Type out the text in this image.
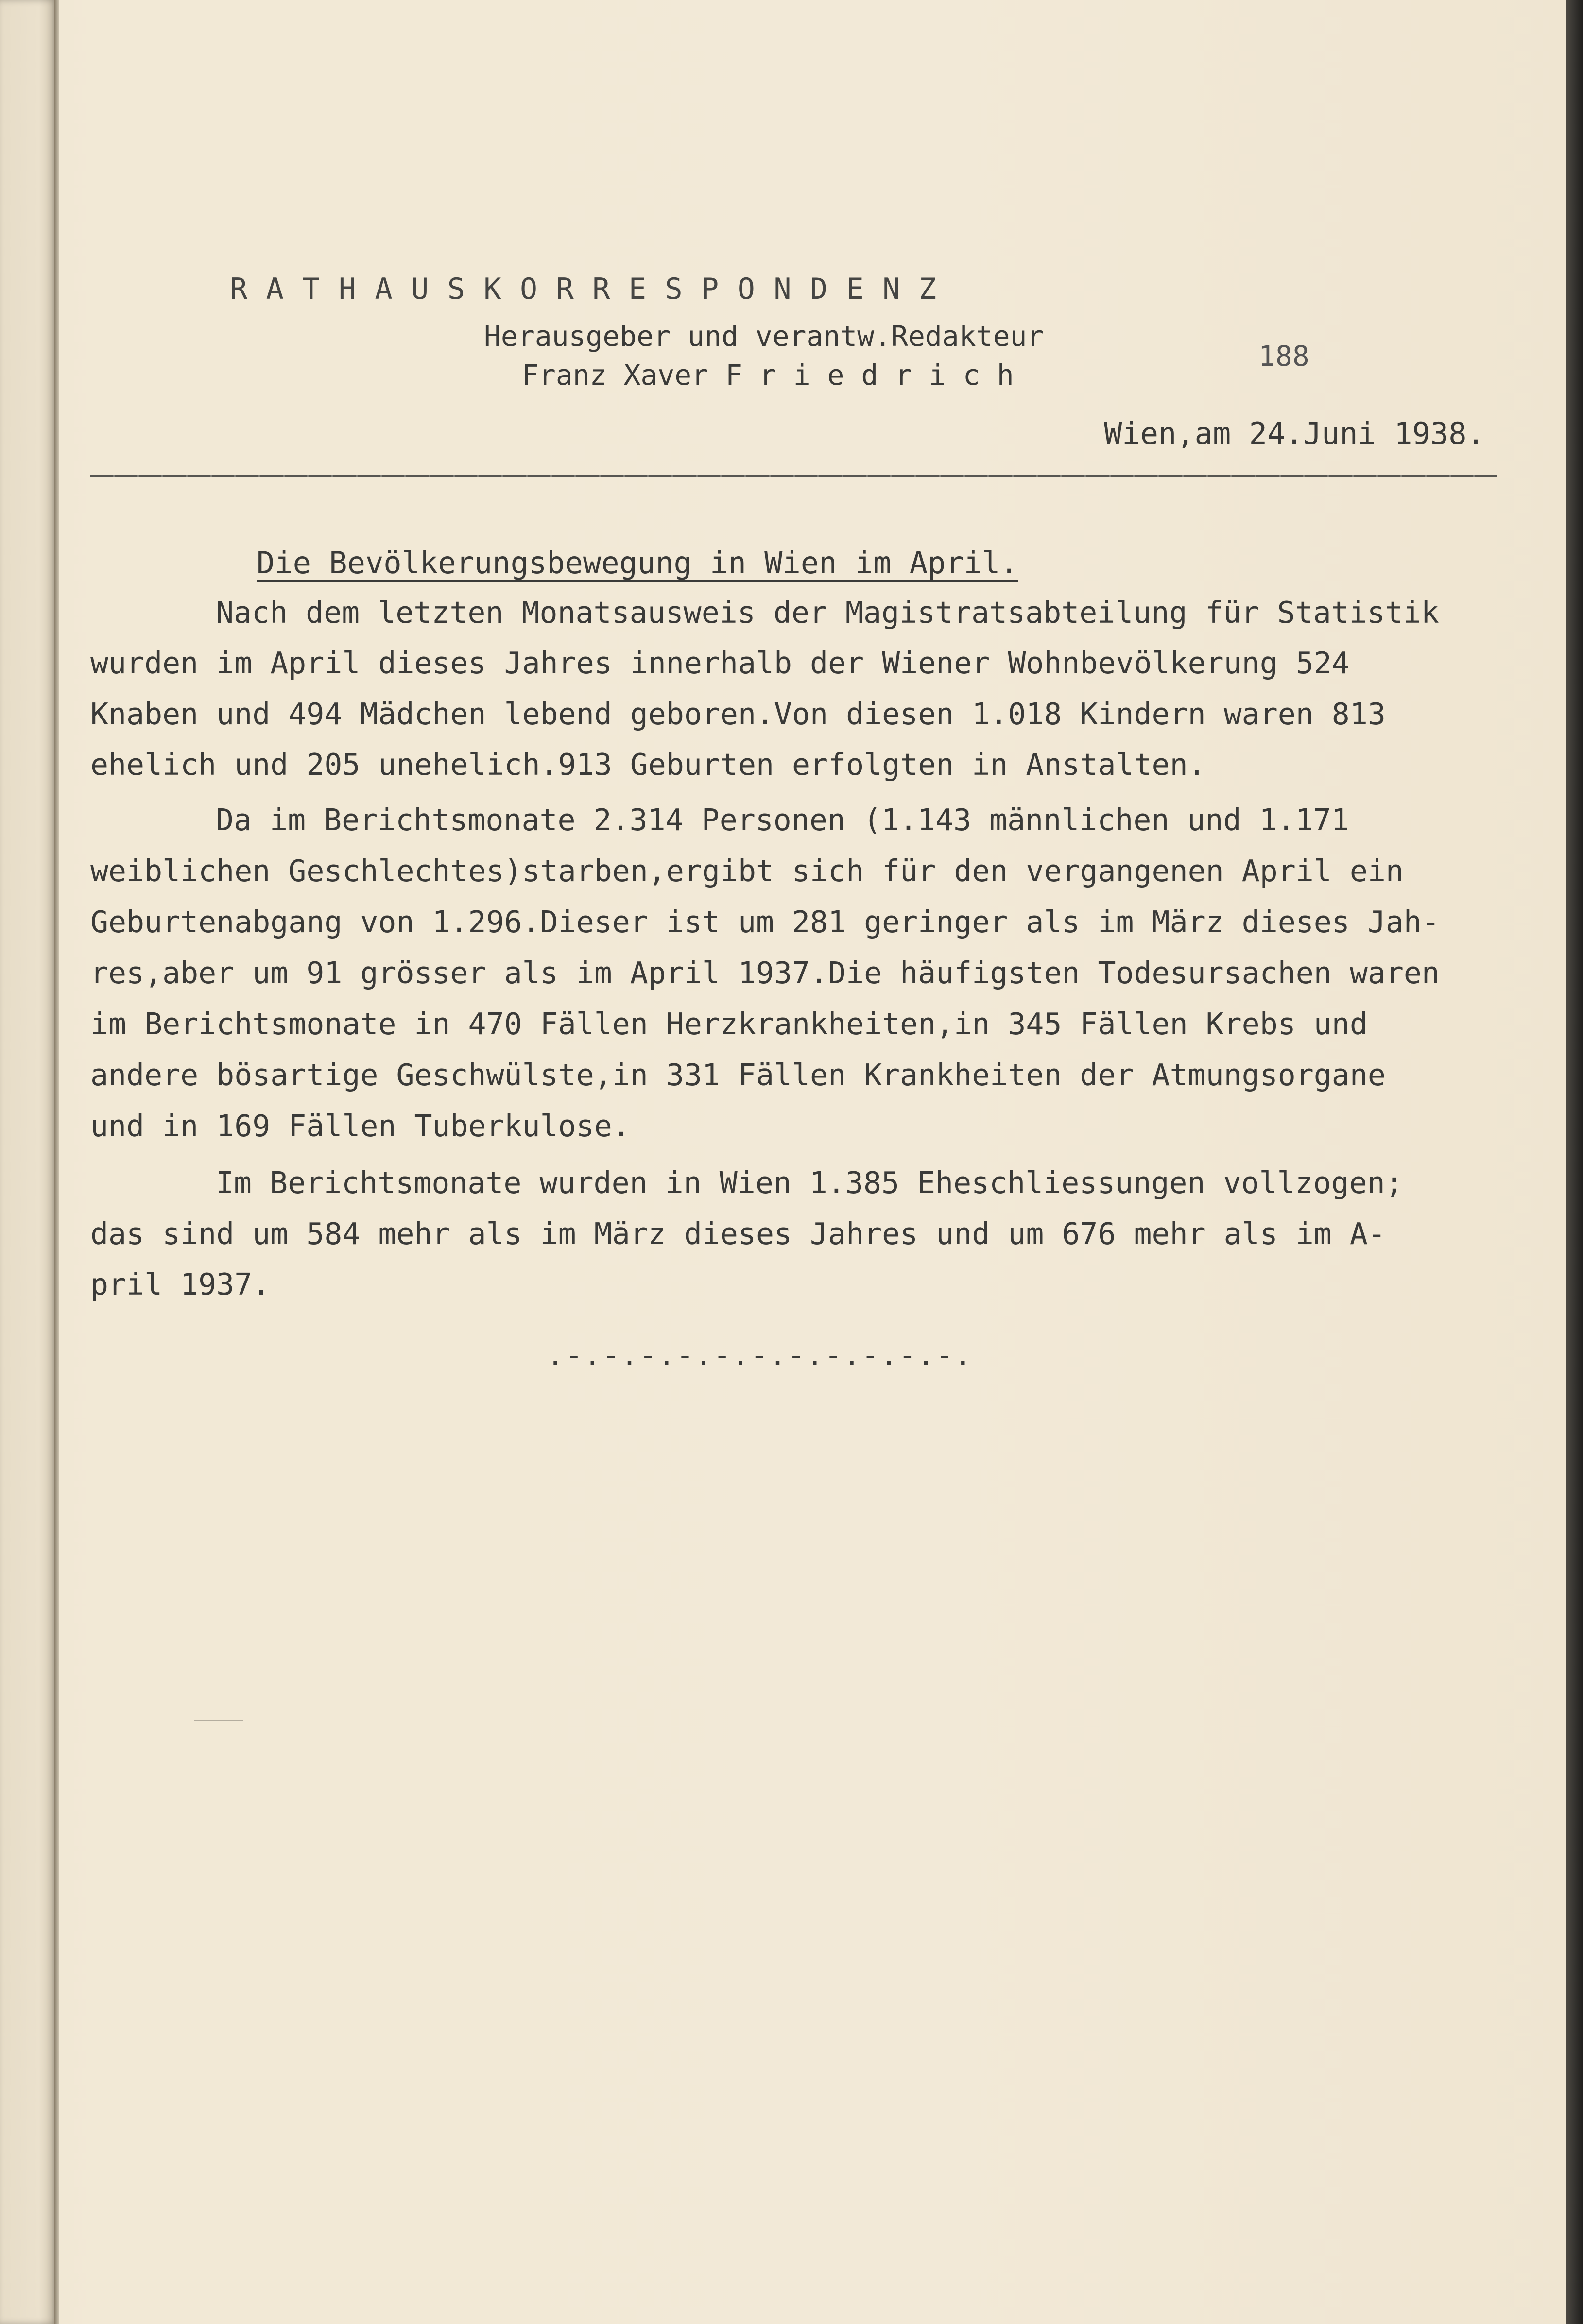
RATHAUSKORRESPONDENZ
Herausgeber und verantw.Redakteur
Franz Xaver F r i e d r i c h
188
Wien,am 24.Juni 1938.
Die Bevölkerungsbewegung in Wien im April.
Nach dem letzten Monatsausweis der Magistratsabteilung für Statistik
wurden im April dieses Jahres innerhalb der Wiener Wohnbevölkerung 524
Knaben und 494 Mädchen lebend geboren.Von diesen 1.018 Kindern waren 813
ehelich und 205 unehelich.913 Geburten erfolgten in Anstalten.
Da im Berichtsmonate 2.314 Personen (1.143 männlichen und 1.171
weiblichen Geschlechtes)starben,ergibt sich für den vergangenen April ein
Geburtenabgang von 1.296.Dieser ist um 281 geringer als im März dieses Jah-
res,aber um 91 grösser als im April 1937.Die häufigsten Todesursachen waren
im Berichtsmonate in 470 Fällen Herzkrankheiten,in 345 Fällen Krebs und
andere bösartige Geschwülste,in 331 Fällen Krankheiten der Atmungsorgane
und in 169 Fällen Tuberkulose.
Im Berichtsmonate wurden in Wien 1.385 Eheschliessungen vollzogen;
das sind um 584 mehr als im März dieses Jahres und um 676 mehr als im A-
pril 1937.
.-.-.-.-.-.-.-.-.-.-.-.
